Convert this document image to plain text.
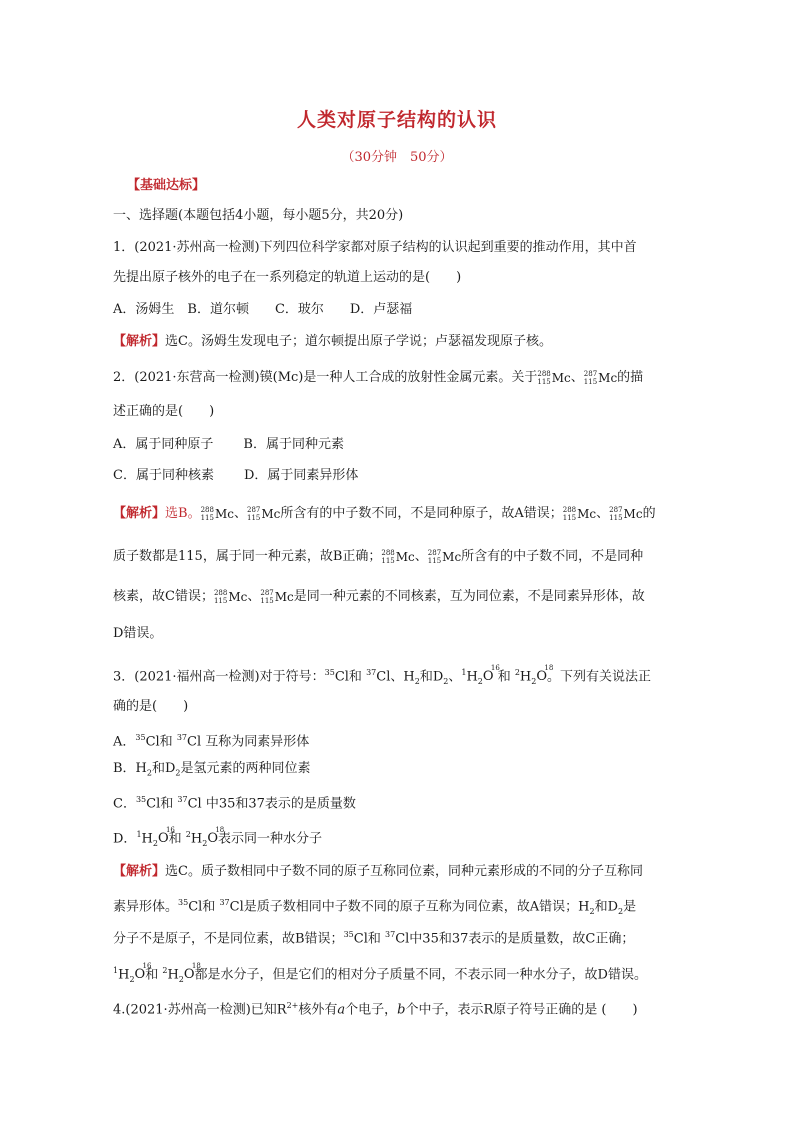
人类对原子结构的认识
（30分钟　50分）
【基础达标】
一、选择题(本题包括4小题，每小题5分，共20分)
1．(2021·苏州高一检测)下列四位科学家都对原子结构的认识起到重要的推动作用，其中首
先提出原子核外的电子在一系列稳定的轨道上运动的是(　　)
A．汤姆生　B．道尔顿　　C．玻尔　　D．卢瑟福
【解析】选C。汤姆生发现电子；道尔顿提出原子学说；卢瑟福发现原子核。
2．(2021·东营高一检测)镆(Mc)是一种人工合成的放射性金属元素。关于 288
115 Mc、 287
115 Mc的描
述正确的是(　　)
A．属于同种原子 B．属于同种元素
C．属于同种核素 D．属于同素异形体
【解析】选B。 288
115 Mc、 287
115 Mc所含有的中子数不同，不是同种原子，故A错误； 288
115 Mc、 287
115 Mc的
质子数都是115，属于同一种元素，故B正确； 288
115 Mc、 287
115 Mc所含有的中子数不同，不是同种
核素，故C错误； 288
115 Mc、 287
115 Mc是同一种元素的不同核素，互为同位素，不是同素异形体，故
D错误。
3．(2021·福州高一检测)对于符号：$^{35}$Cl和 $^{37}$Cl、$H_2$和$D_2$、$^1H_2O$
16
和 $^2H_2O$
18
。下列有关说法正
确的是(　　)
A．$^{35}$Cl和 $^{37}$Cl 互称为同素异形体
B．$H_2$和$D_2$是氢元素的两种同位素
C．$^{35}$Cl和 $^{37}$Cl 中35和37表示的是质量数
D．$^1H_2O$
16
和 $^2H_2O$
18
表示同一种水分子
【解析】选C。质子数相同中子数不同的原子互称同位素，同种元素形成的不同的分子互称同
素异形体。$^{35}$Cl和 $^{37}$Cl是质子数相同中子数不同的原子互称为同位素，故A错误；$H_2$和$D_2$是
分子不是原子，不是同位素，故B错误；$^{35}$Cl和 $^{37}$Cl中35和37表示的是质量数，故C正确；
$^1H_2O$
16
和 $^2H_2O$
18
都是水分子，但是它们的相对分子质量不同，不表示同一种水分子，故D错误。
4.(2021·苏州高一检测)已知$R^{2+}$核外有a个电子，b个中子，表示R原子符号正确的是 (　　)
